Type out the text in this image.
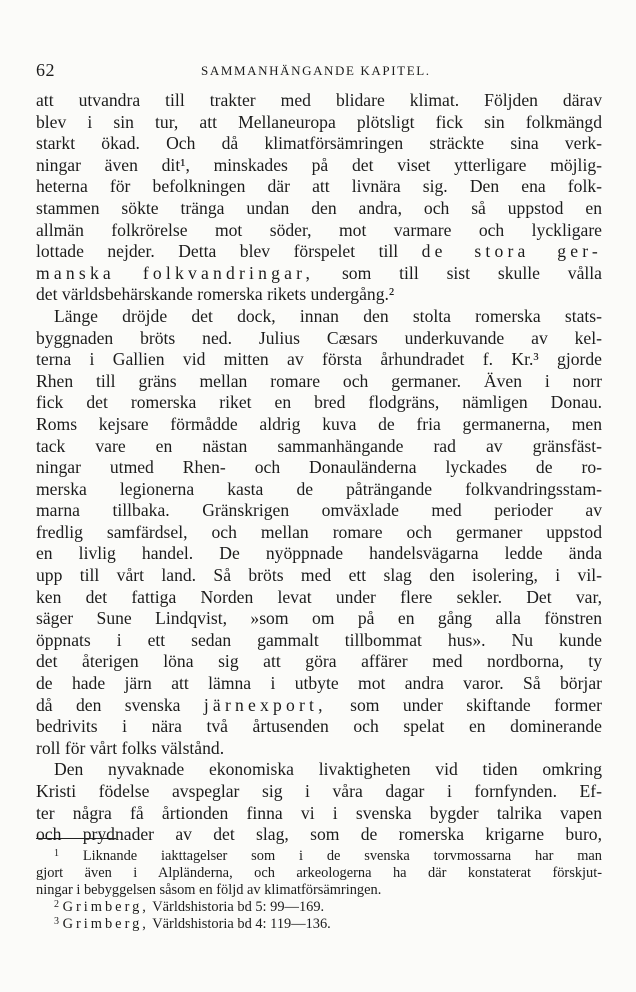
62	SAMMANHÄNGANDE KAPITEL.

att utvandra till trakter med blidare klimat. Följden därav
blev i sin tur, att Mellaneuropa plötsligt fick sin folkmängd
starkt ökad. Och då klimatförsämringen sträckte sina verk-
ningar även dit¹, minskades på det viset ytterligare möjlig-
heterna för befolkningen där att livnära sig. Den ena folk-
stammen sökte tränga undan den andra, och så uppstod en
allmän folkrörelse mot söder, mot varmare och lyckligare
lottade nejder. Detta blev förspelet till de stora ger-
manska folkvandringar, som till sist skulle vålla
det världsbehärskande romerska rikets undergång.²

Länge dröjde det dock, innan den stolta romerska stats-
byggnaden bröts ned. Julius Cæsars underkuvande av kel-
terna i Gallien vid mitten av första århundradet f. Kr.³ gjorde
Rhen till gräns mellan romare och germaner. Även i norr
fick det romerska riket en bred flodgräns, nämligen Donau.
Roms kejsare förmådde aldrig kuva de fria germanerna, men
tack vare en nästan sammanhängande rad av gränsfäst-
ningar utmed Rhen- och Donauländerna lyckades de ro-
merska legionerna kasta de påträngande folkvandringsstam-
marna tillbaka. Gränskrigen omväxlade med perioder av
fredlig samfärdsel, och mellan romare och germaner uppstod
en livlig handel. De nyöppnade handelsvägarna ledde ända
upp till vårt land. Så bröts med ett slag den isolering, i vil-
ken det fattiga Norden levat under flere sekler. Det var,
säger Sune Lindqvist, »som om på en gång alla fönstren
öppnats i ett sedan gammalt tillbommat hus». Nu kunde
det återigen löna sig att göra affärer med nordborna, ty
de hade järn att lämna i utbyte mot andra varor. Så börjar
då den svenska järnexport, som under skiftande former
bedrivits i nära två årtusenden och spelat en dominerande
roll för vårt folks välstånd.

Den nyvaknade ekonomiska livaktigheten vid tiden omkring
Kristi födelse avspeglar sig i våra dagar i fornfynden. Ef-
ter några få årtionden finna vi i svenska bygder talrika vapen
och prydnader av det slag, som de romerska krigarne buro,

$^1$ Liknande iakttagelser som i de svenska torvmossarna har man
gjort även i Alpländerna, och arkeologerna ha där konstaterat förskjut-
ningar i bebyggelsen såsom en följd av klimatförsämringen.
$^2$ Grimberg, Världshistoria bd 5: 99—169.
$^3$ Grimberg, Världshistoria bd 4: 119—136.
